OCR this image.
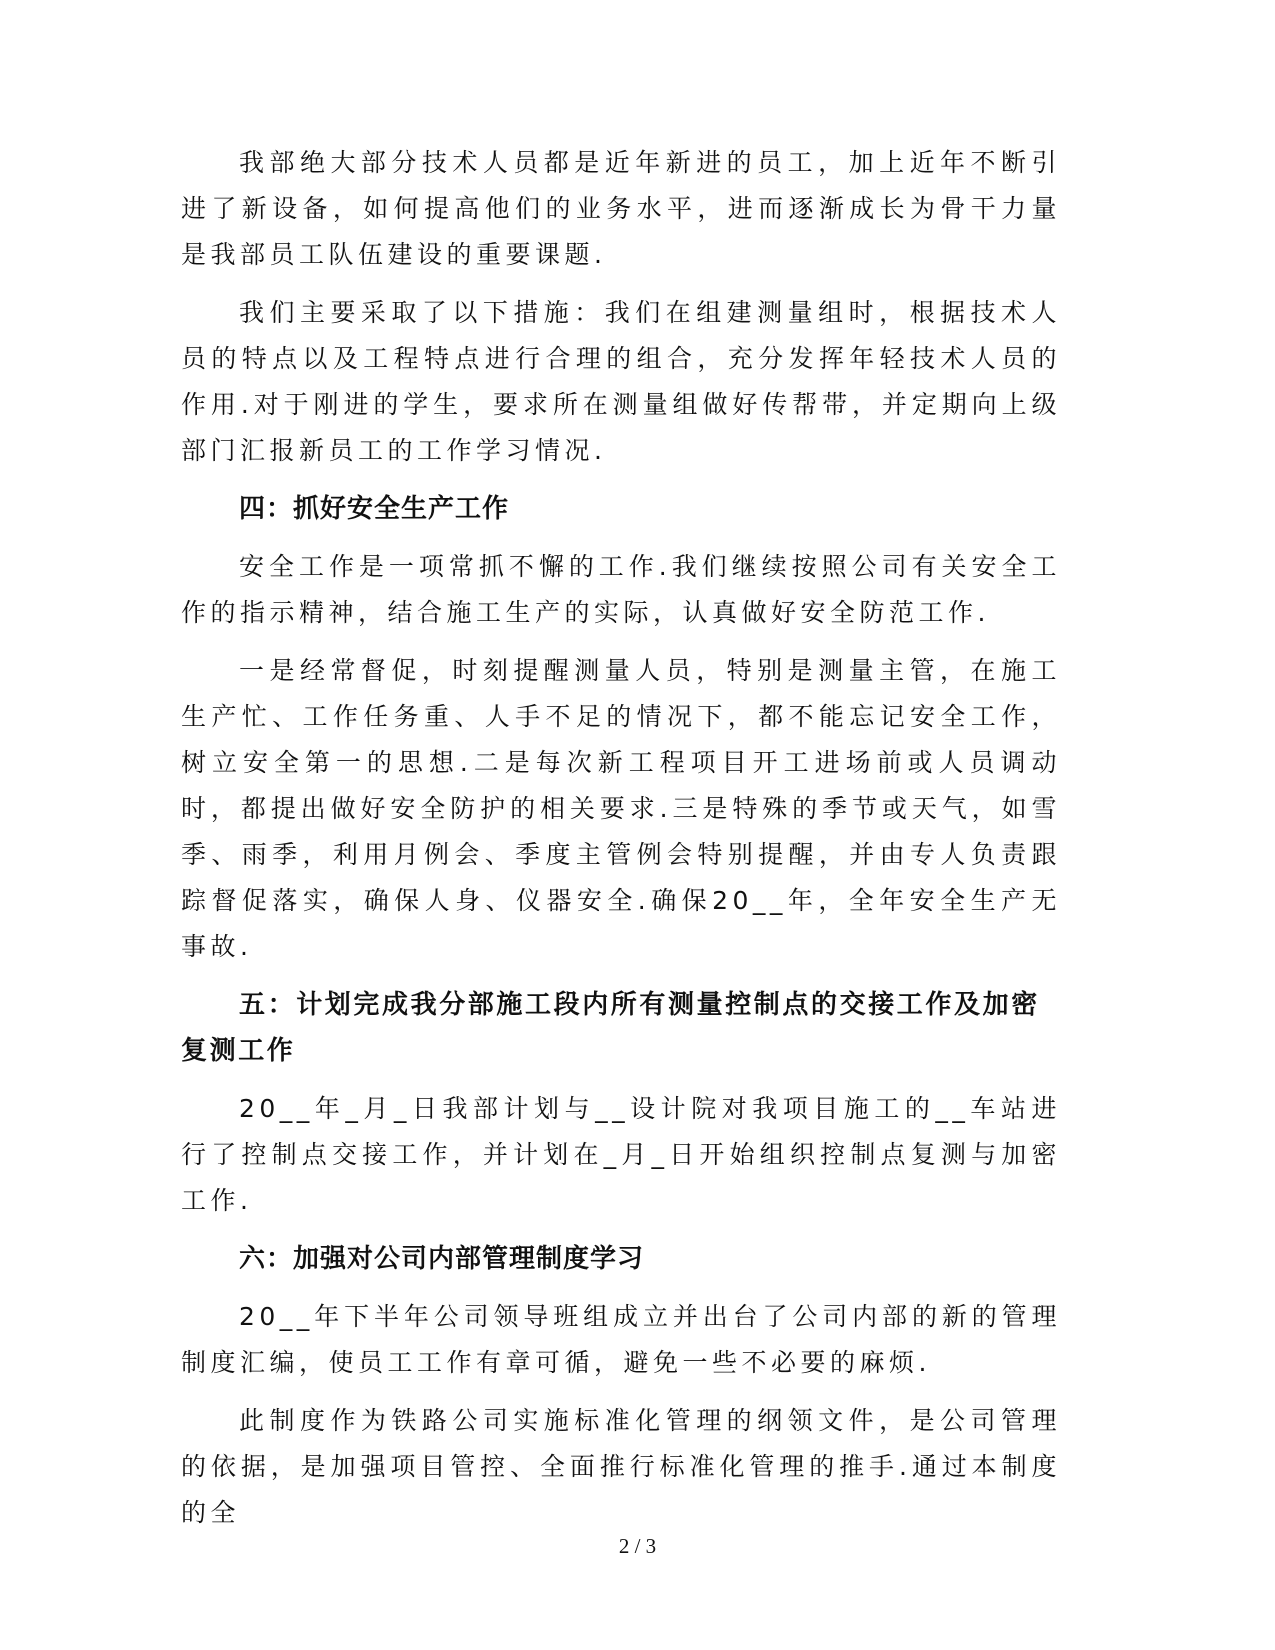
我部绝大部分技术人员都是近年新进的员工，加上近年不断引进了新设备，如何提高他们的业务水平，进而逐渐成长为骨干力量是我部员工队伍建设的重要课题.

我们主要采取了以下措施：我们在组建测量组时，根据技术人员的特点以及工程特点进行合理的组合，充分发挥年轻技术人员的作用.对于刚进的学生，要求所在测量组做好传帮带，并定期向上级部门汇报新员工的工作学习情况.

四：抓好安全生产工作

安全工作是一项常抓不懈的工作.我们继续按照公司有关安全工作的指示精神，结合施工生产的实际，认真做好安全防范工作.

一是经常督促，时刻提醒测量人员，特别是测量主管，在施工生产忙、工作任务重、人手不足的情况下，都不能忘记安全工作，树立安全第一的思想.二是每次新工程项目开工进场前或人员调动时，都提出做好安全防护的相关要求.三是特殊的季节或天气，如雪季、雨季，利用月例会、季度主管例会特别提醒，并由专人负责跟踪督促落实，确保人身、仪器安全.确保20__年，全年安全生产无事故.

五：计划完成我分部施工段内所有测量控制点的交接工作及加密复测工作

20__年_月_日我部计划与__设计院对我项目施工的__车站进行了控制点交接工作，并计划在_月_日开始组织控制点复测与加密工作.

六：加强对公司内部管理制度学习

20__年下半年公司领导班组成立并出台了公司内部的新的管理制度汇编，使员工工作有章可循，避免一些不必要的麻烦.

此制度作为铁路公司实施标准化管理的纲领文件，是公司管理的依据，是加强项目管控、全面推行标准化管理的推手.通过本制度的全

2 / 3
